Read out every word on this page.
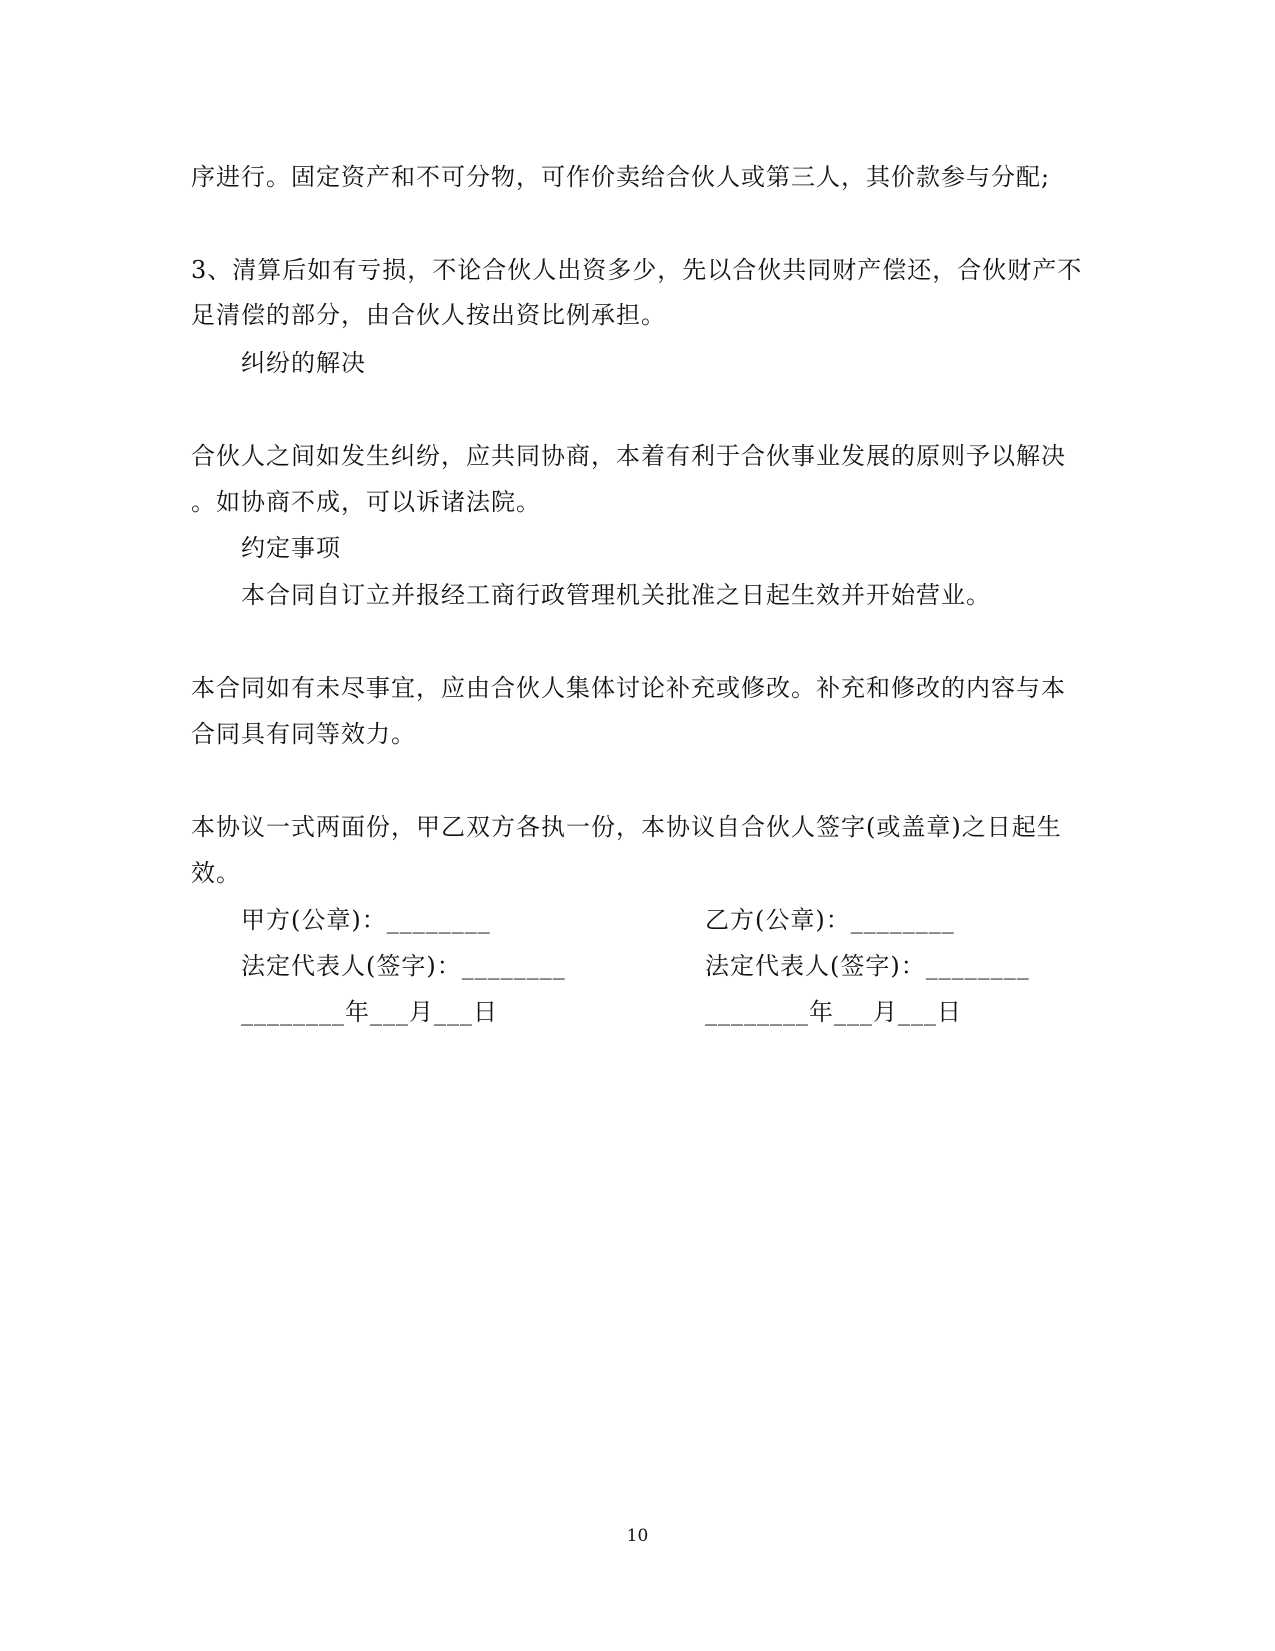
序进行。固定资产和不可分物，可作价卖给合伙人或第三人，其价款参与分配;
3、清算后如有亏损，不论合伙人出资多少，先以合伙共同财产偿还，合伙财产不
足清偿的部分，由合伙人按出资比例承担。
纠纷的解决
合伙人之间如发生纠纷，应共同协商，本着有利于合伙事业发展的原则予以解决
。如协商不成，可以诉诸法院。
约定事项
本合同自订立并报经工商行政管理机关批准之日起生效并开始营业。
本合同如有未尽事宜，应由合伙人集体讨论补充或修改。补充和修改的内容与本
合同具有同等效力。
本协议一式两面份，甲乙双方各执一份，本协议自合伙人签字(或盖章)之日起生
效。
甲方(公章)：________	乙方(公章)：________
法定代表人(签字)：________	法定代表人(签字)：________
________年___月___日	________年___月___日
10
